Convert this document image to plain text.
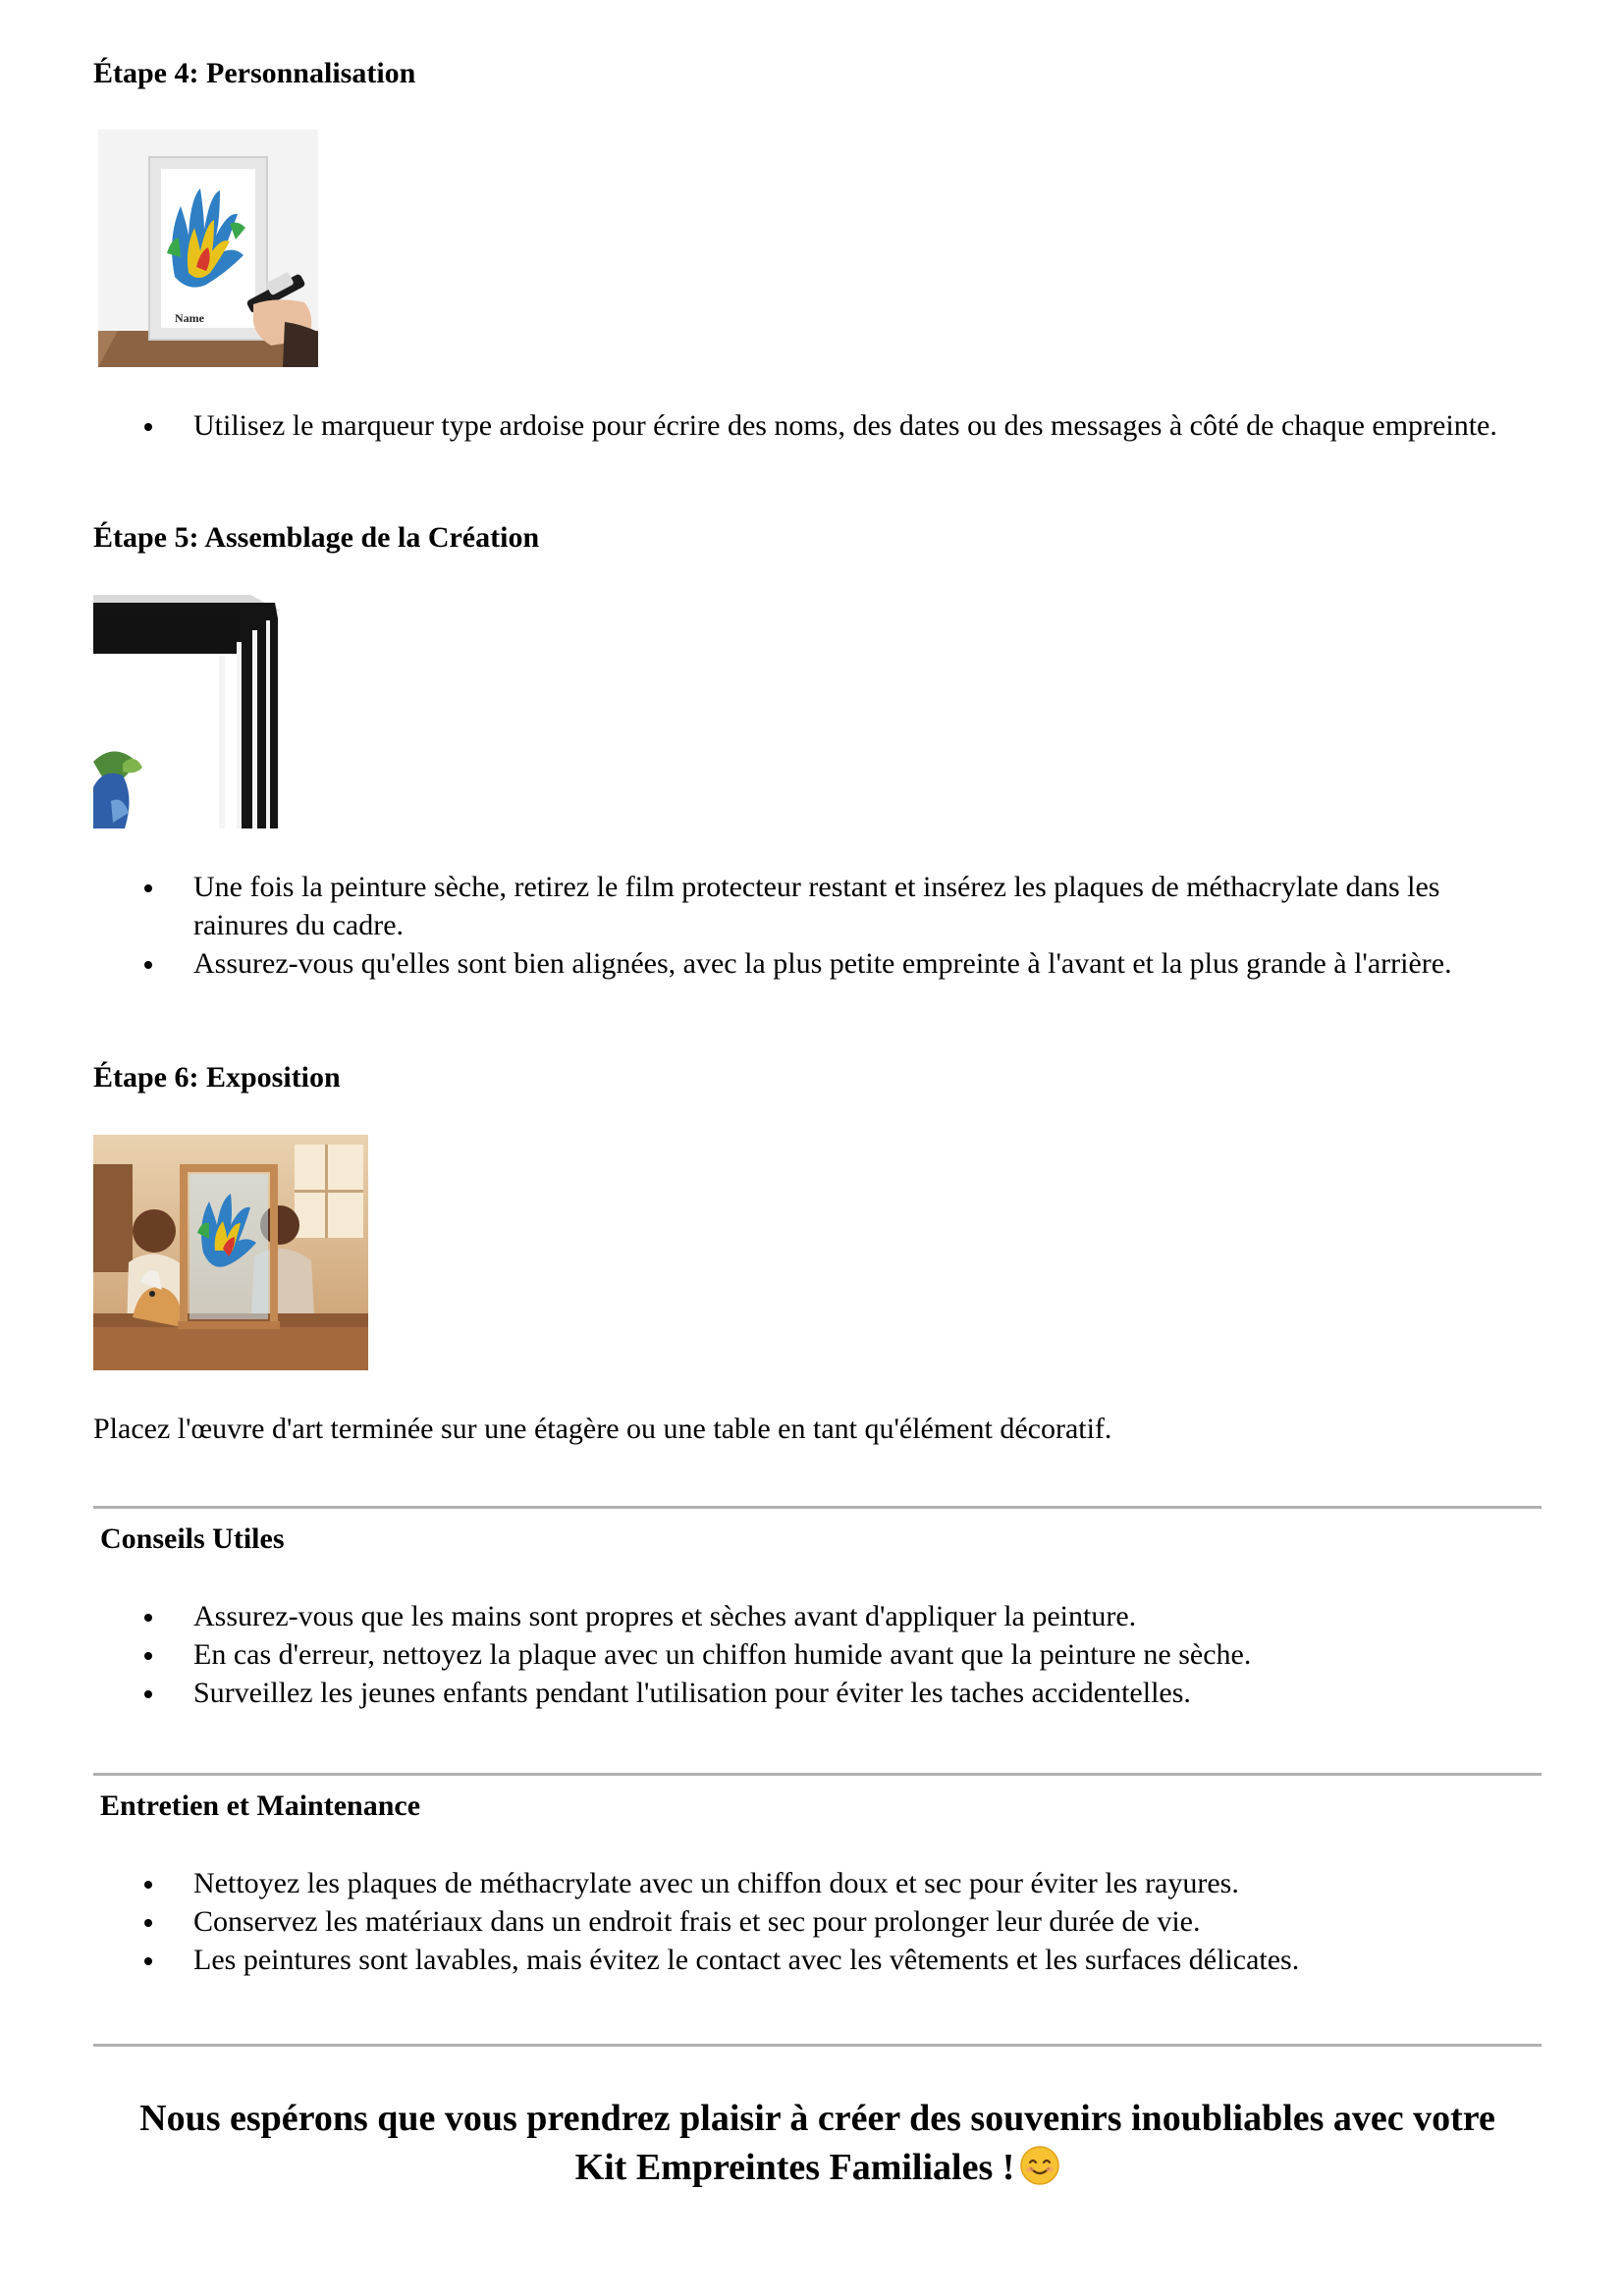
Étape 4: Personnalisation
Name
Utilisez le marqueur type ardoise pour écrire des noms, des dates ou des messages à côté de chaque empreinte.
Étape 5: Assemblage de la Création
Une fois la peinture sèche, retirez le film protecteur restant et insérez les plaques de méthacrylate dans les rainures du cadre.
Assurez-vous qu'elles sont bien alignées, avec la plus petite empreinte à l'avant et la plus grande à l'arrière.
Étape 6: Exposition
Placez l'œuvre d'art terminée sur une étagère ou une table en tant qu'élément décoratif.
Conseils Utiles
Assurez-vous que les mains sont propres et sèches avant d'appliquer la peinture.
En cas d'erreur, nettoyez la plaque avec un chiffon humide avant que la peinture ne sèche.
Surveillez les jeunes enfants pendant l'utilisation pour éviter les taches accidentelles.
Entretien et Maintenance
Nettoyez les plaques de méthacrylate avec un chiffon doux et sec pour éviter les rayures.
Conservez les matériaux dans un endroit frais et sec pour prolonger leur durée de vie.
Les peintures sont lavables, mais évitez le contact avec les vêtements et les surfaces délicates.
Nous espérons que vous prendrez plaisir à créer des souvenirs inoubliables avec votre
Kit Empreintes Familiales !
